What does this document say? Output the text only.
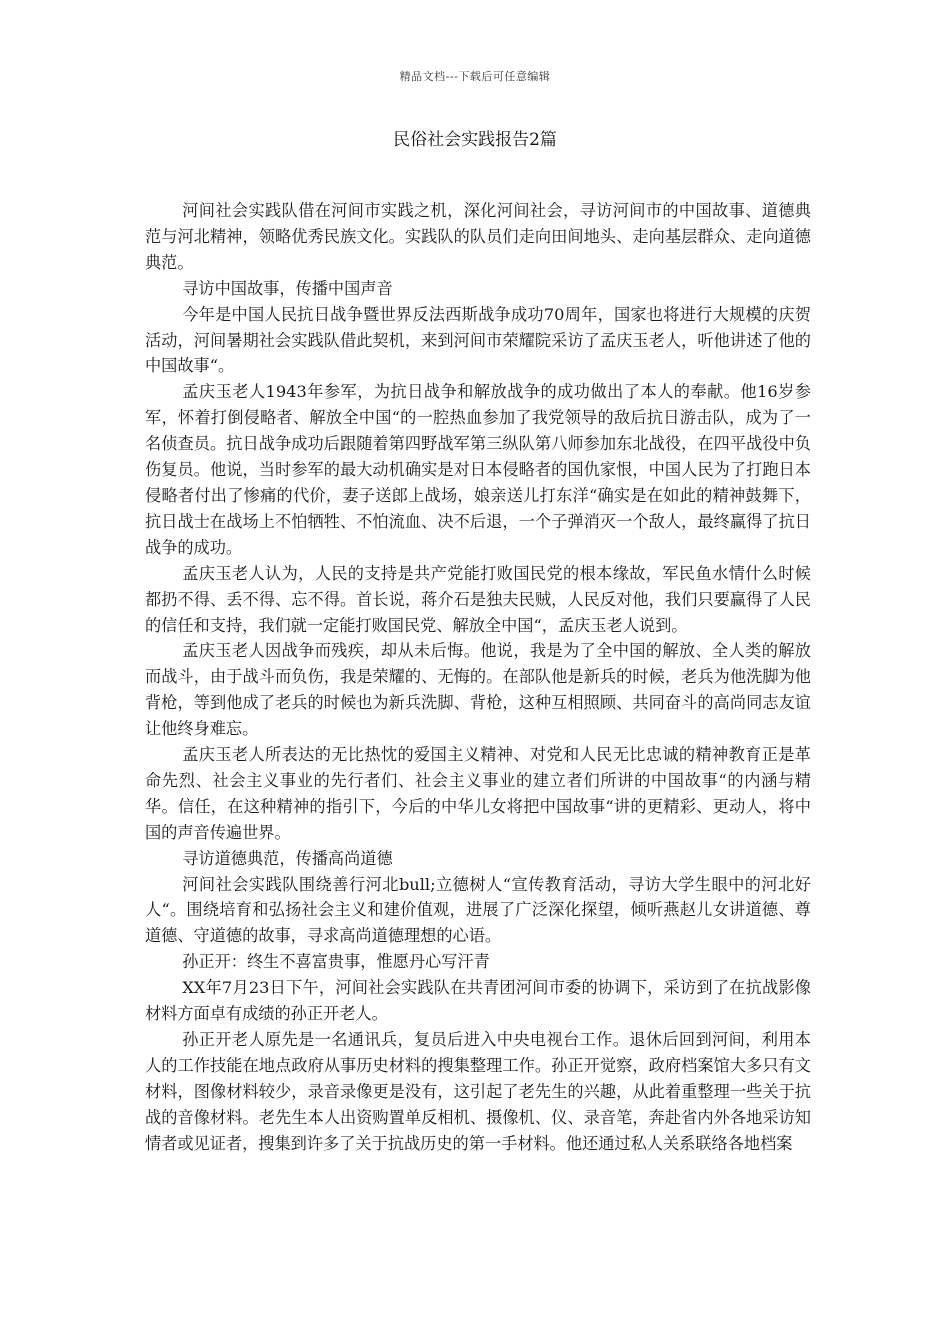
精品文档---下载后可任意编辑
民俗社会实践报告2篇

河间社会实践队借在河间市实践之机，深化河间社会，寻访河间市的中国故事、道德典范与河北精神，领略优秀民族文化。实践队的队员们走向田间地头、走向基层群众、走向道德典范。

寻访中国故事，传播中国声音

今年是中国人民抗日战争暨世界反法西斯战争成功70周年，国家也将进行大规模的庆贺活动，河间暑期社会实践队借此契机，来到河间市荣耀院采访了孟庆玉老人，听他讲述了他的中国故事“。

孟庆玉老人1943年参军，为抗日战争和解放战争的成功做出了本人的奉献。他16岁参军，怀着打倒侵略者、解放全中国“的一腔热血参加了我党领导的敌后抗日游击队，成为了一名侦查员。抗日战争成功后跟随着第四野战军第三纵队第八师参加东北战役，在四平战役中负伤复员。他说，当时参军的最大动机确实是对日本侵略者的国仇家恨，中国人民为了打跑日本侵略者付出了惨痛的代价，妻子送郎上战场，娘亲送儿打东洋“确实是在如此的精神鼓舞下，抗日战士在战场上不怕牺牲、不怕流血、决不后退，一个子弹消灭一个敌人，最终赢得了抗日战争的成功。

孟庆玉老人认为，人民的支持是共产党能打败国民党的根本缘故，军民鱼水情什么时候都扔不得、丢不得、忘不得。首长说，蒋介石是独夫民贼，人民反对他，我们只要赢得了人民的信任和支持，我们就一定能打败国民党、解放全中国“，孟庆玉老人说到。

孟庆玉老人因战争而残疾，却从未后悔。他说，我是为了全中国的解放、全人类的解放而战斗，由于战斗而负伤，我是荣耀的、无悔的。在部队他是新兵的时候，老兵为他洗脚为他背枪，等到他成了老兵的时候也为新兵洗脚、背枪，这种互相照顾、共同奋斗的高尚同志友谊让他终身难忘。

孟庆玉老人所表达的无比热忱的爱国主义精神、对党和人民无比忠诚的精神教育正是革命先烈、社会主义事业的先行者们、社会主义事业的建立者们所讲的中国故事“的内涵与精华。信任，在这种精神的指引下，今后的中华儿女将把中国故事“讲的更精彩、更动人，将中国的声音传遍世界。

寻访道德典范，传播高尚道德

河间社会实践队围绕善行河北bull;立德树人“宣传教育活动，寻访大学生眼中的河北好人“。围绕培育和弘扬社会主义和建价值观，进展了广泛深化探望，倾听燕赵儿女讲道德、尊道德、守道德的故事，寻求高尚道德理想的心语。

孙正开：终生不喜富贵事，惟愿丹心写汗青

XX年7月23日下午，河间社会实践队在共青团河间市委的协调下，采访到了在抗战影像材料方面卓有成绩的孙正开老人。

孙正开老人原先是一名通讯兵，复员后进入中央电视台工作。退休后回到河间，利用本人的工作技能在地点政府从事历史材料的搜集整理工作。孙正开觉察，政府档案馆大多只有文材料，图像材料较少，录音录像更是没有，这引起了老先生的兴趣，从此着重整理一些关于抗战的音像材料。老先生本人出资购置单反相机、摄像机、仪、录音笔，奔赴省内外各地采访知情者或见证者，搜集到许多了关于抗战历史的第一手材料。他还通过私人关系联络各地档案
